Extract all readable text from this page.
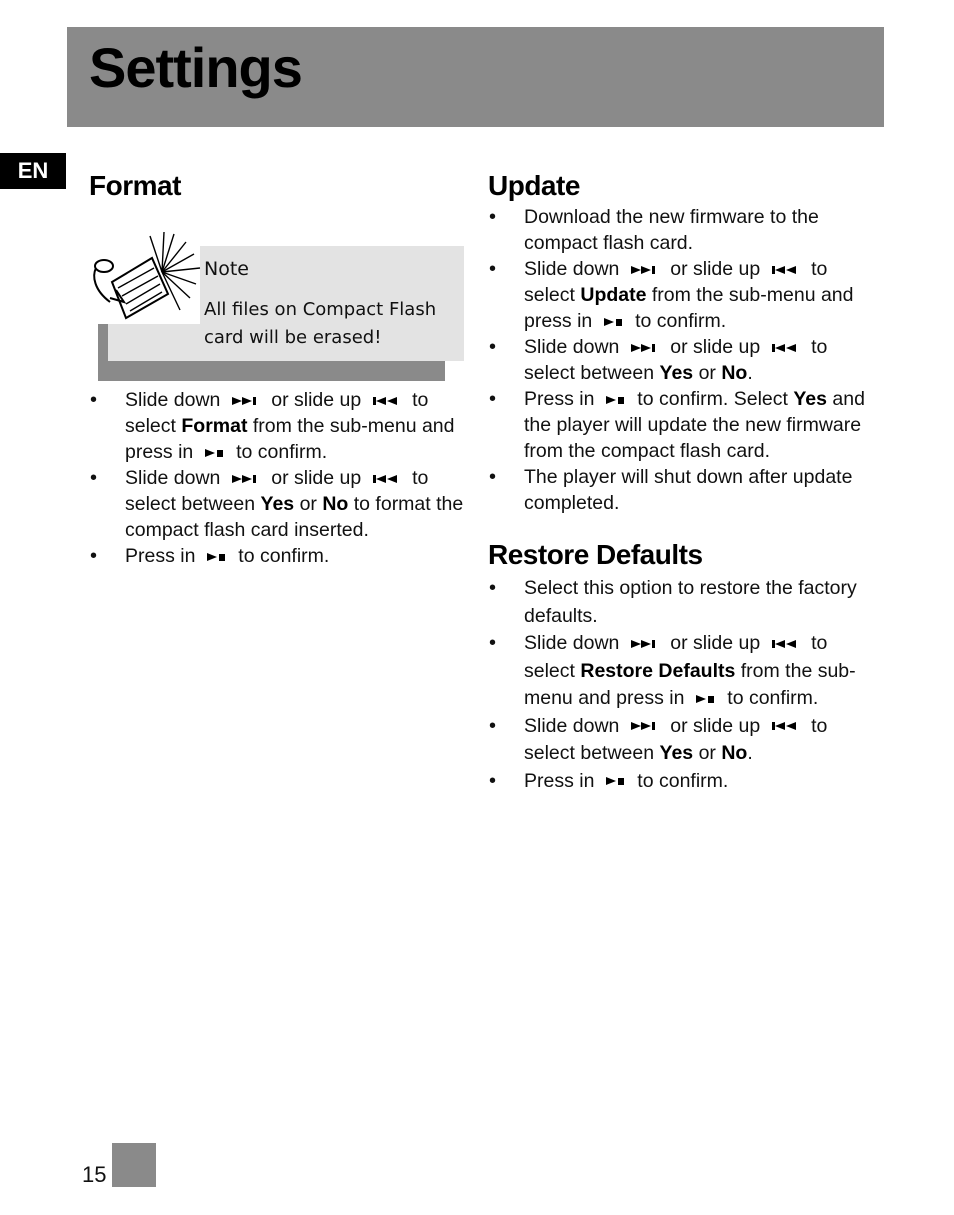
Settings
EN	Format
Note
All files on Compact Flash card will be erased!
• Slide down	or slide up	to select Format from the sub-menu and press in to confirm.
• Slide down	or slide up	to select between Yes or No to format the compact flash card inserted.
• Press in to confirm.
Update
• Download the new firmware to the compact flash card.
• Slide down	or slide up	to select Update from the sub-menu and press in to confirm.
• Slide down	or slide up	to select between Yes or No.
• Press in to confirm. Select Yes and the player will update the new firmware from the compact flash card.
• The player will shut down after update completed.
Restore Defaults
• Select this option to restore the factory defaults.
• Slide down	or slide up	to select Restore Defaults from the sub-menu and press in to confirm.
• Slide down	or slide up	to select between Yes or No.
• Press in to confirm.
15
